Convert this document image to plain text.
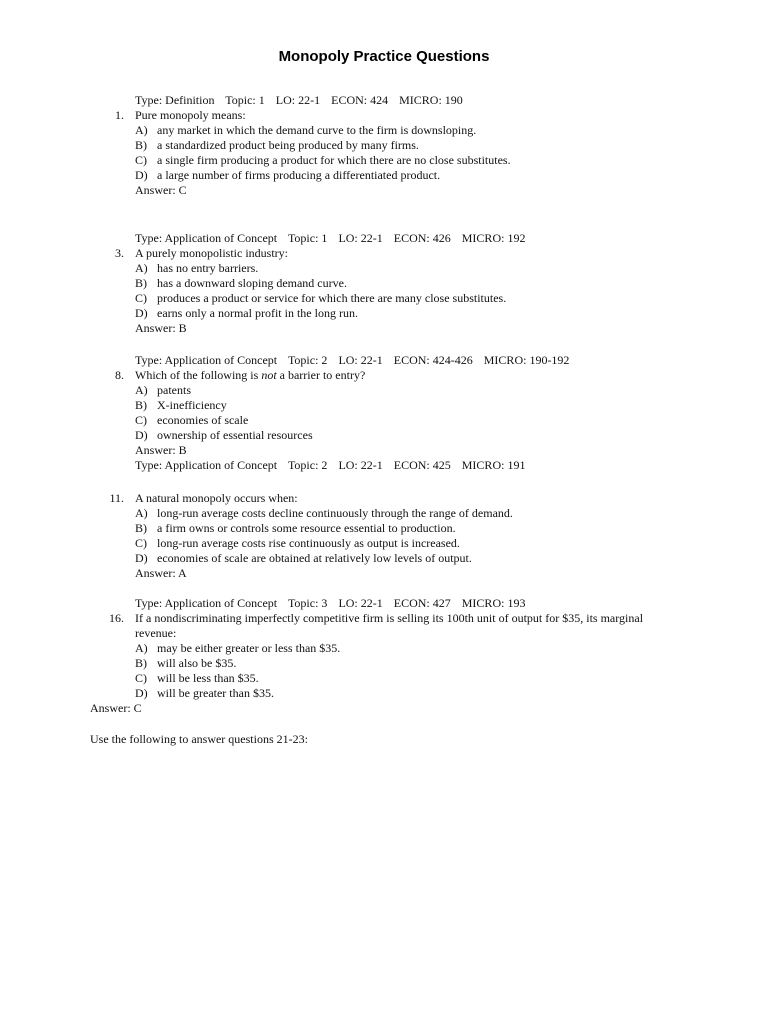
Monopoly Practice Questions
Type: Definition Topic: 1 LO: 22-1 ECON: 424 MICRO: 190
1. Pure monopoly means:
A) any market in which the demand curve to the firm is downsloping.
B) a standardized product being produced by many firms.
C) a single firm producing a product for which there are no close substitutes.
D) a large number of firms producing a differentiated product.
Answer: C
Type: Application of Concept Topic: 1 LO: 22-1 ECON: 426 MICRO: 192
3. A purely monopolistic industry:
A) has no entry barriers.
B) has a downward sloping demand curve.
C) produces a product or service for which there are many close substitutes.
D) earns only a normal profit in the long run.
Answer: B
Type: Application of Concept Topic: 2 LO: 22-1 ECON: 424-426 MICRO: 190-192
8. Which of the following is not a barrier to entry?
A) patents
B) X-inefficiency
C) economies of scale
D) ownership of essential resources
Answer: B
Type: Application of Concept Topic: 2 LO: 22-1 ECON: 425 MICRO: 191
11. A natural monopoly occurs when:
A) long-run average costs decline continuously through the range of demand.
B) a firm owns or controls some resource essential to production.
C) long-run average costs rise continuously as output is increased.
D) economies of scale are obtained at relatively low levels of output.
Answer: A
Type: Application of Concept Topic: 3 LO: 22-1 ECON: 427 MICRO: 193
16. If a nondiscriminating imperfectly competitive firm is selling its 100th unit of output for $35, its marginal
revenue:
A) may be either greater or less than $35.
B) will also be $35.
C) will be less than $35.
D) will be greater than $35.
Answer: C
Use the following to answer questions 21-23:
